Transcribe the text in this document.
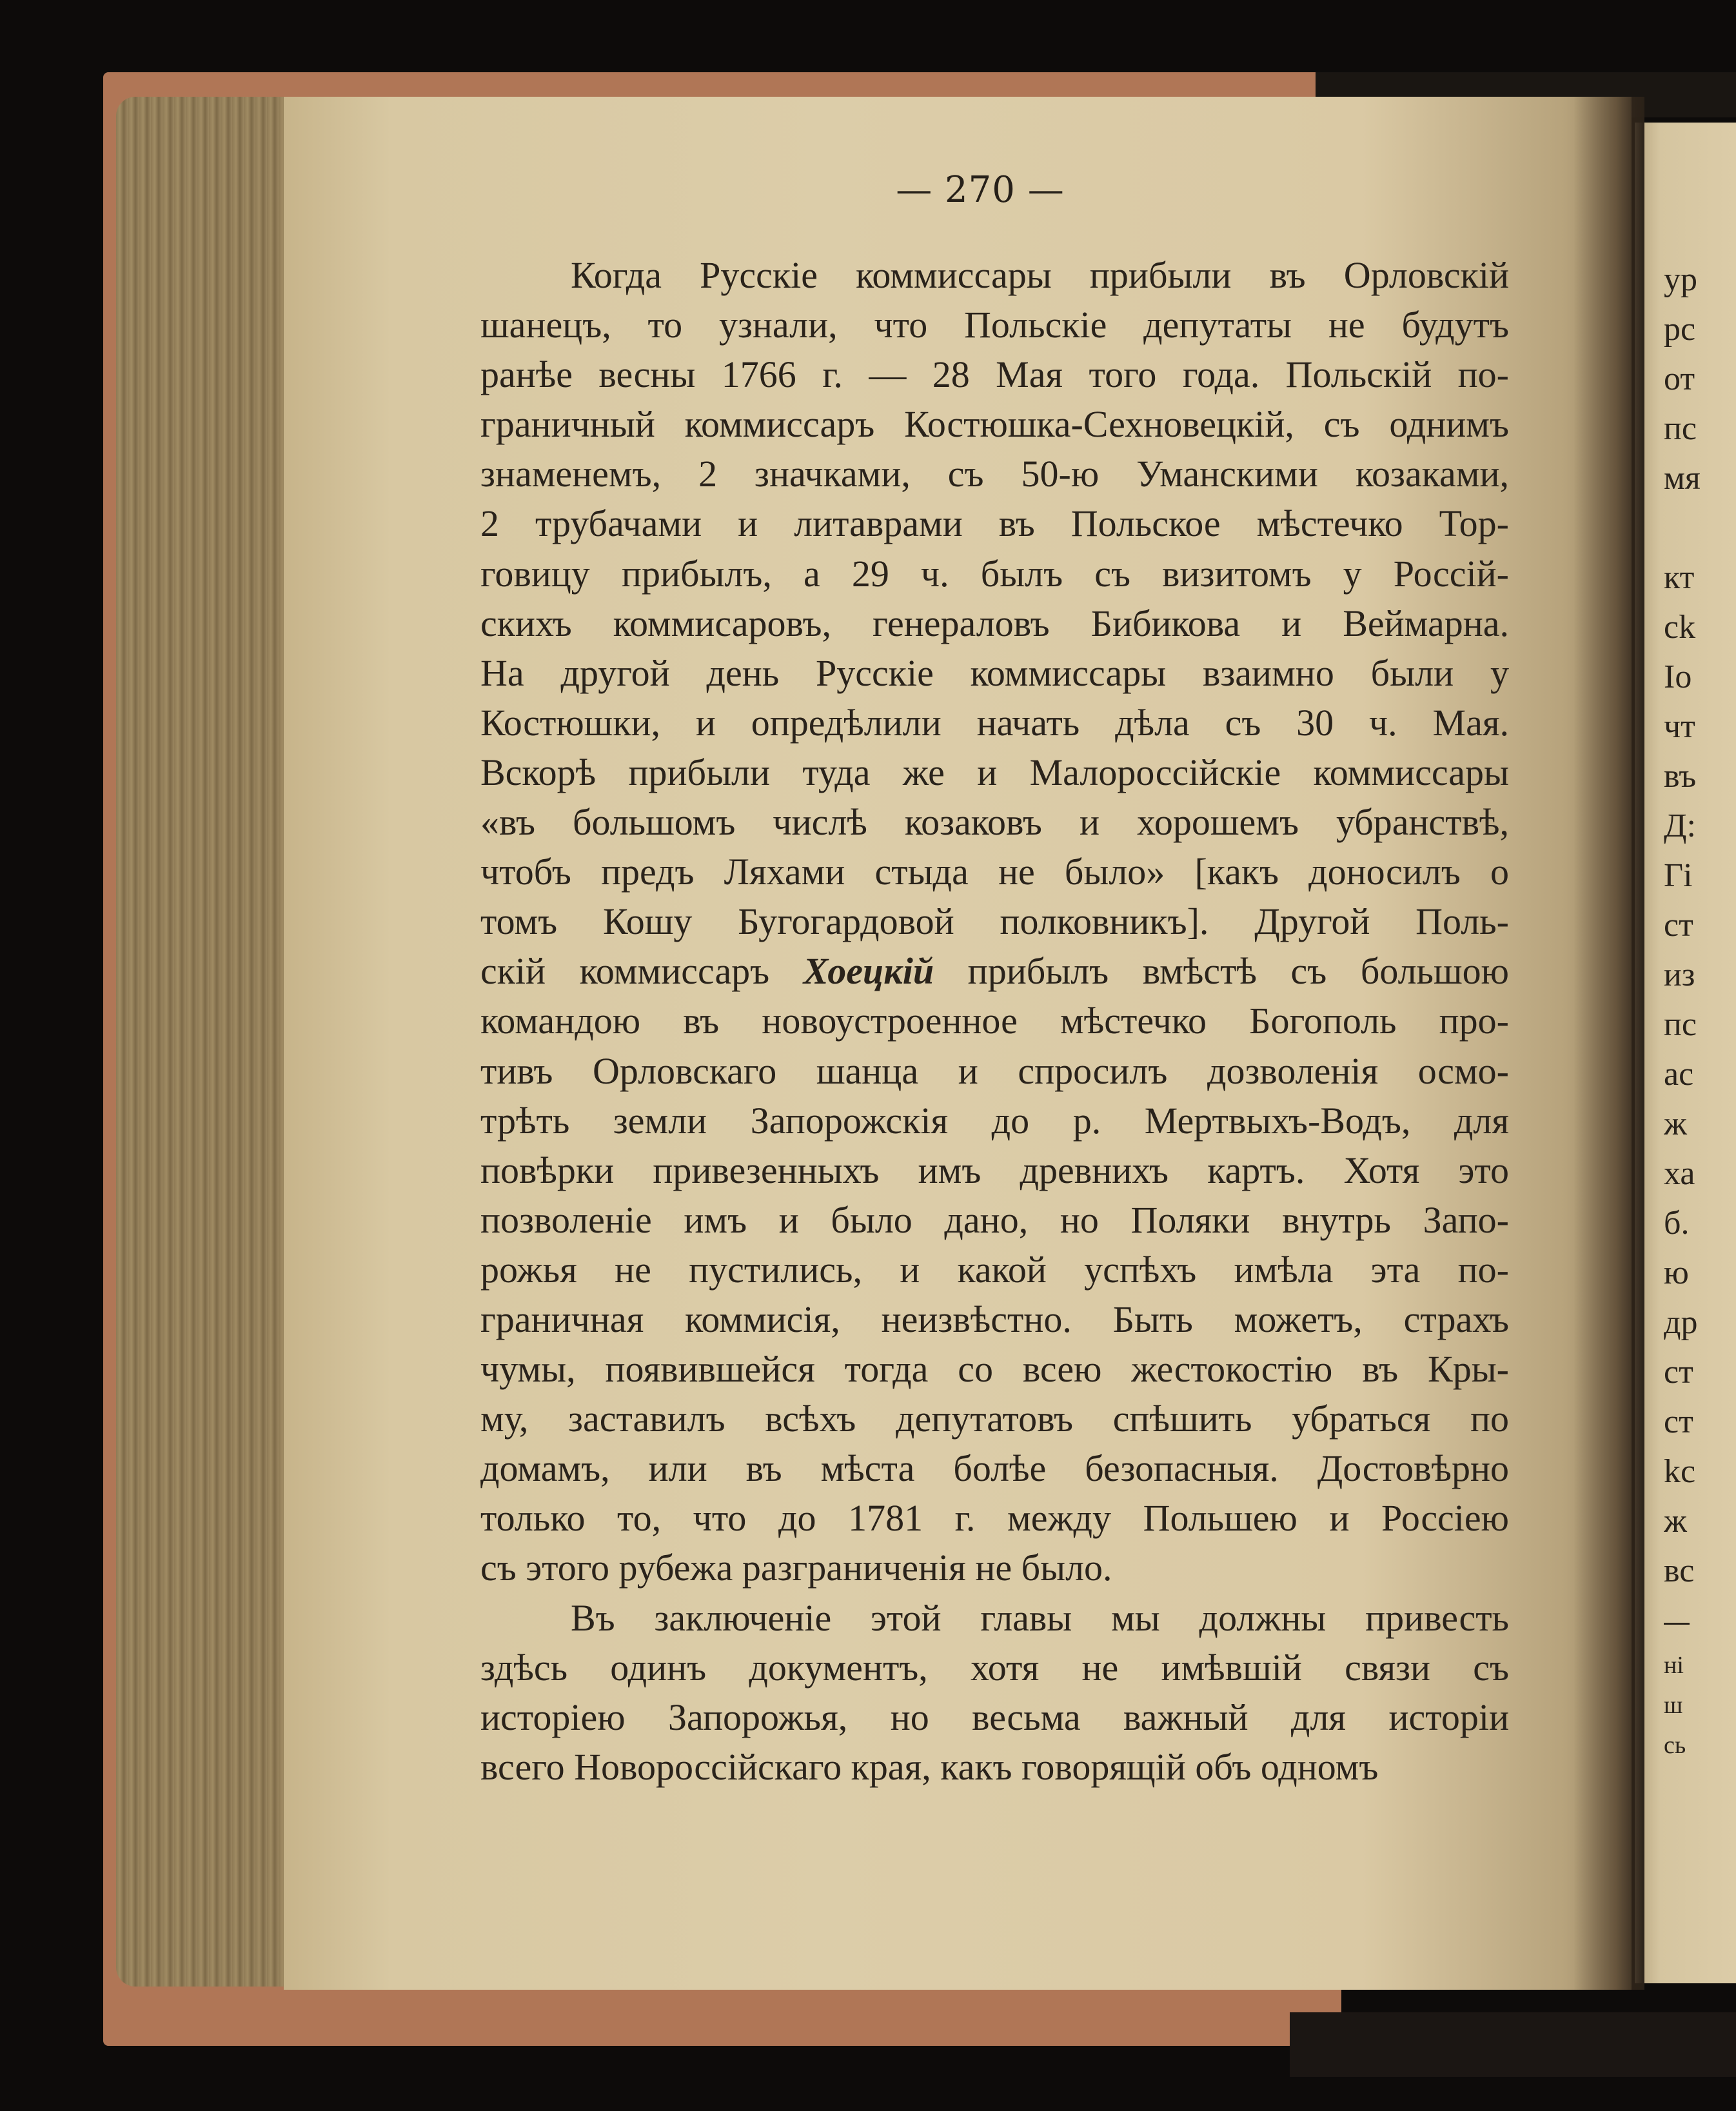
— 270 —
Когда Русскіе коммиссары прибыли въ Орловскій
шанецъ, то узнали, что Польскіе депутаты не будутъ
ранѣе весны 1766 г. — 28 Мая того года. Польскій по-
граничный коммиссаръ Костюшка-Сехновецкій, съ однимъ
знаменемъ, 2 значками, съ 50-ю Уманскими козаками,
2 трубачами и литаврами въ Польское мѣстечко Тор-
говицу прибылъ, а 29 ч. былъ съ визитомъ у Россій-
скихъ коммисаровъ, генераловъ Бибикова и Веймарна.
На другой день Русскіе коммиссары взаимно были у
Костюшки, и опредѣлили начать дѣла съ 30 ч. Мая.
Вскорѣ прибыли туда же и Малороссійскіе коммиссары
«въ большомъ числѣ козаковъ и хорошемъ убранствѣ,
чтобъ предъ Ляхами стыда не было» [какъ доносилъ о
томъ Кошу Бугогардовой полковникъ]. Другой Поль-
скій коммиссаръ Хоецкій прибылъ вмѣстѣ съ большою
командою въ новоустроенное мѣстечко Богополь про-
тивъ Орловскаго шанца и спросилъ дозволенія осмо-
трѣть земли Запорожскія до р. Мертвыхъ-Водъ, для
повѣрки привезенныхъ имъ древнихъ картъ. Хотя это
позволеніе имъ и было дано, но Поляки внутрь Запо-
рожья не пустились, и какой успѣхъ имѣла эта по-
граничная коммисія, неизвѣстно. Быть можетъ, страхъ
чумы, появившейся тогда со всею жестокостію въ Кры-
му, заставилъ всѣхъ депутатовъ спѣшить убраться по
домамъ, или въ мѣста болѣе безопасныя. Достовѣрно
только то, что до 1781 г. между Польшею и Россіею
съ этого рубежа разграниченія не было.
Въ заключеніе этой главы мы должны привесть
здѣсь одинъ документъ, хотя не имѣвшій связи съ
исторіею Запорожья, но весьма важный для исторіи
всего Новороссійскаго края, какъ говорящій объ одномъ
ур
рс
от
пс
мя
кт
ck
Іо
чт
въ
Д:
Гі
ст
из
пс
ас
ж
ха
б.
ю
др
ст
ст
kc
ж
вс
ні
ш
сь
